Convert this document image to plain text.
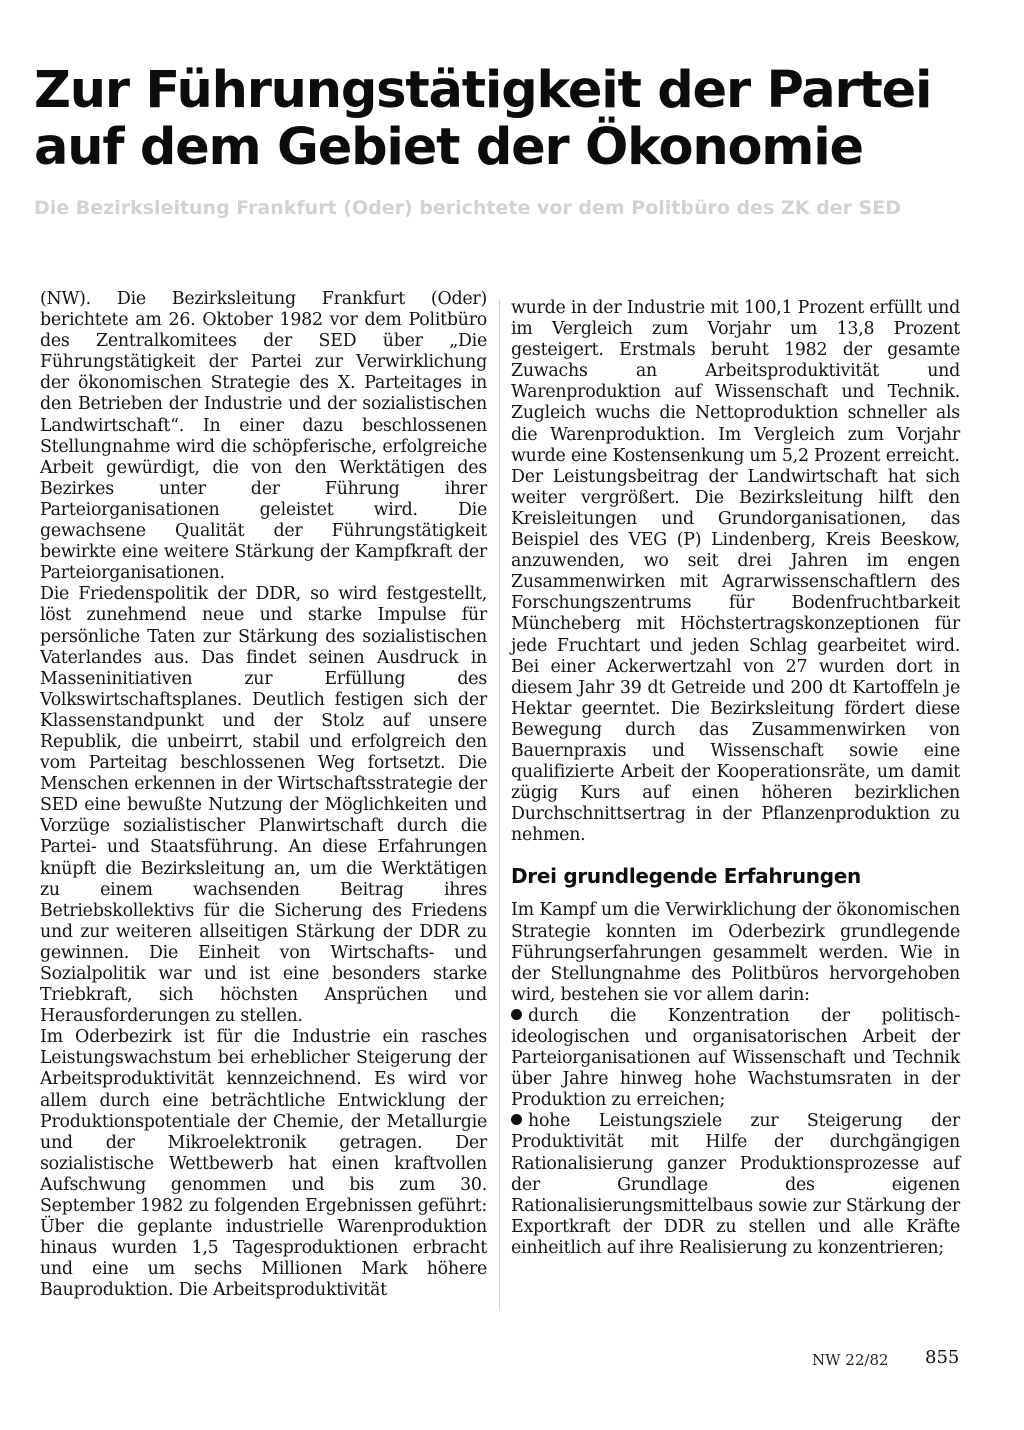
Zur Führungstätigkeit der Partei
auf dem Gebiet der Ökonomie

Die Bezirksleitung Frankfurt (Oder) berichtete vor dem Politbüro des ZK der SED

(NW). Die Bezirksleitung Frankfurt (Oder) berichtete am 26. Oktober 1982 vor dem Politbüro des Zentralkomitees der SED über „Die Führungstätigkeit der Partei zur Verwirklichung der ökonomischen Strategie des X. Parteitages in den Betrieben der Industrie und der sozialistischen Landwirtschaft“. In einer dazu beschlossenen Stellungnahme wird die schöpferische, erfolgreiche Arbeit gewürdigt, die von den Werktätigen des Bezirkes unter der Führung ihrer Parteiorganisationen geleistet wird. Die gewachsene Qualität der Führungstätigkeit bewirkte eine weitere Stärkung der Kampfkraft der Parteiorganisationen.

Die Friedenspolitik der DDR, so wird festgestellt, löst zunehmend neue und starke Impulse für persönliche Taten zur Stärkung des sozialistischen Vaterlandes aus. Das findet seinen Ausdruck in Masseninitiativen zur Erfüllung des Volkswirtschaftsplanes. Deutlich festigen sich der Klassenstandpunkt und der Stolz auf unsere Republik, die unbeirrt, stabil und erfolgreich den vom Parteitag beschlossenen Weg fortsetzt. Die Menschen erkennen in der Wirtschaftsstrategie der SED eine bewußte Nutzung der Möglichkeiten und Vorzüge sozialistischer Planwirtschaft durch die Partei- und Staatsführung. An diese Erfahrungen knüpft die Bezirksleitung an, um die Werktätigen zu einem wachsenden Beitrag ihres Betriebskollektivs für die Sicherung des Friedens und zur weiteren allseitigen Stärkung der DDR zu gewinnen. Die Einheit von Wirtschafts- und Sozialpolitik war und ist eine besonders starke Triebkraft, sich höchsten Ansprüchen und Herausforderungen zu stellen.

Im Oderbezirk ist für die Industrie ein rasches Leistungswachstum bei erheblicher Steigerung der Arbeitsproduktivität kennzeichnend. Es wird vor allem durch eine beträchtliche Entwicklung der Produktionspotentiale der Chemie, der Metallurgie und der Mikroelektronik getragen. Der sozialistische Wettbewerb hat einen kraftvollen Aufschwung genommen und bis zum 30. September 1982 zu folgenden Ergebnissen geführt: Über die geplante industrielle Warenproduktion hinaus wurden 1,5 Tagesproduktionen erbracht und eine um sechs Millionen Mark höhere Bauproduktion. Die Arbeitsproduktivität

wurde in der Industrie mit 100,1 Prozent erfüllt und im Vergleich zum Vorjahr um 13,8 Prozent gesteigert. Erstmals beruht 1982 der gesamte Zuwachs an Arbeitsproduktivität und Warenproduktion auf Wissenschaft und Technik. Zugleich wuchs die Nettoproduktion schneller als die Warenproduktion. Im Vergleich zum Vorjahr wurde eine Kostensenkung um 5,2 Prozent erreicht.

Der Leistungsbeitrag der Landwirtschaft hat sich weiter vergrößert. Die Bezirksleitung hilft den Kreisleitungen und Grundorganisationen, das Beispiel des VEG (P) Lindenberg, Kreis Beeskow, anzuwenden, wo seit drei Jahren im engen Zusammenwirken mit Agrarwissenschaftlern des Forschungszentrums für Bodenfruchtbarkeit Müncheberg mit Höchstertragskonzeptionen für jede Fruchtart und jeden Schlag gearbeitet wird. Bei einer Ackerwertzahl von 27 wurden dort in diesem Jahr 39 dt Getreide und 200 dt Kartoffeln je Hektar geerntet. Die Bezirksleitung fördert diese Bewegung durch das Zusammenwirken von Bauernpraxis und Wissenschaft sowie eine qualifizierte Arbeit der Kooperationsräte, um damit zügig Kurs auf einen höheren bezirklichen Durchschnittsertrag in der Pflanzenproduktion zu nehmen.

Drei grundlegende Erfahrungen

Im Kampf um die Verwirklichung der ökonomischen Strategie konnten im Oderbezirk grundlegende Führungserfahrungen gesammelt werden. Wie in der Stellungnahme des Politbüros hervorgehoben wird, bestehen sie vor allem darin:

durch die Konzentration der politisch-ideologischen und organisatorischen Arbeit der Parteiorganisationen auf Wissenschaft und Technik über Jahre hinweg hohe Wachstumsraten in der Produktion zu erreichen;

hohe Leistungsziele zur Steigerung der Produktivität mit Hilfe der durchgängigen Rationalisierung ganzer Produktionsprozesse auf der Grundlage des eigenen Rationalisierungsmittelbaus sowie zur Stärkung der Exportkraft der DDR zu stellen und alle Kräfte einheitlich auf ihre Realisierung zu konzentrieren;

NW 22/82 855
